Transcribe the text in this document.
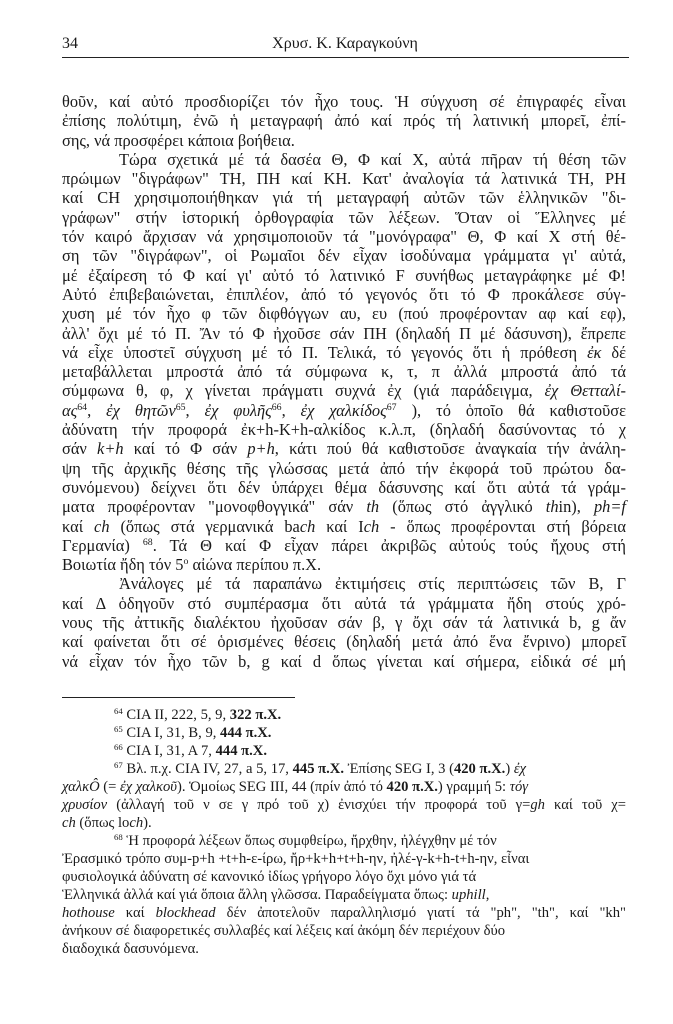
34	Χρυσ. Κ. Καραγκούνη
θοῦν, καί αὐτό προσδιορίζει τόν ἦχο τους. Ἡ σύγχυση σέ ἐπιγραφές εἶναι
ἐπίσης πολύτιμη, ἐνῶ ἡ μεταγραφή ἀπό καί πρός τή λατινική μπορεῖ, ἐπί-
σης, νά προσφέρει κάποια βοήθεια.
Τώρα σχετικά μέ τά δασέα Θ, Φ καί Χ, αὐτά πῆραν τή θέση τῶν
πρώιμων "διγράφων" ΤΗ, ΠΗ καί ΚΗ. Κατ' ἀναλογία τά λατινικά TH, PH
καί CH χρησιμοποιήθηκαν γιά τή μεταγραφή αὐτῶν τῶν ἑλληνικῶν "δι-
γράφων" στήν ἱστορική ὀρθογραφία τῶν λέξεων. Ὅταν οἱ Ἕλληνες μέ
τόν καιρό ἄρχισαν νά χρησιμοποιοῦν τά "μονόγραφα" Θ, Φ καί Χ στή θέ-
ση τῶν "διγράφων", οἱ Ρωμαῖοι δέν εἶχαν ἰσοδύναμα γράμματα γι' αὐτά,
μέ ἐξαίρεση τό Φ καί γι' αὐτό τό λατινικό F συνήθως μεταγράφηκε μέ Φ!
Αὐτό ἐπιβεβαιώνεται, ἐπιπλέον, ἀπό τό γεγονός ὅτι τό Φ προκάλεσε σύγ-
χυση μέ τόν ἦχο φ τῶν διφθόγγων αυ, ευ (πού προφέρονταν αφ καί εφ),
ἀλλ' ὄχι μέ τό Π. Ἄν τό Φ ἠχοῦσε σάν ΠΗ (δηλαδή Π μέ δάσυνση), ἔπρεπε
νά εἶχε ὑποστεῖ σύγχυση μέ τό Π. Τελικά, τό γεγονός ὅτι ἡ πρόθεση ἐκ δέ
μεταβάλλεται μπροστά ἀπό τά σύμφωνα κ, τ, π ἀλλά μπροστά ἀπό τά
σύμφωνα θ, φ, χ γίνεται πράγματι συχνά ἐχ (γιά παράδειγμα, ἐχ Θετταλί-
$\alpha\varsigma^{64}$, ἐχ θητῶν$^{65}$, ἐχ φυλῆς$^{66}$, ἐχ χαλκίδος$^{67}$ ), τό ὁποῖο θά καθιστοῦσε
ἀδύνατη τήν προφορά ἐκ+h-K+h-αλκίδος κ.λ.π, (δηλαδή δασύνοντας τό χ
σάν k+h καί τό Φ σάν p+h, κάτι πού θά καθιστοῦσε ἀναγκαία τήν ἀνάλη-
ψη τῆς ἀρχικῆς θέσης τῆς γλώσσας μετά ἀπό τήν ἐκφορά τοῦ πρώτου δα-
συνόμενου) δείχνει ὅτι δέν ὑπάρχει θέμα δάσυνσης καί ὅτι αὐτά τά γράμ-
ματα προφέρονταν "μονοφθογγικά" σάν th (ὅπως στό ἀγγλικό thin), ph=f
καί ch (ὅπως στά γερμανικά bach καί Ich - ὅπως προφέρονται στή βόρεια
Γερμανία) $^{68}$. Τά Θ καί Φ εἶχαν πάρει ἀκριβῶς αὐτούς τούς ἤχους στή
Βοιωτία ἤδη τόν $5^o$ αἰώνα περίπου π.Χ.
Ἀνάλογες μέ τά παραπάνω ἐκτιμήσεις στίς περιπτώσεις τῶν Β, Γ
καί Δ ὁδηγοῦν στό συμπέρασμα ὅτι αὐτά τά γράμματα ἤδη στούς χρό-
νους τῆς ἀττικῆς διαλέκτου ἠχοῦσαν σάν β, γ ὄχι σάν τά λατινικά b, g ἄν
καί φαίνεται ὅτι σέ ὁρισμένες θέσεις (δηλαδή μετά ἀπό ἕνα ἔνρινο) μπορεῖ
νά εἶχαν τόν ἦχο τῶν b, g καί d ὅπως γίνεται καί σήμερα, εἰδικά σέ μή
$^{64}$ CIA II, 222, 5, 9, 322 π.Χ.
$^{65}$ CIA I, 31, B, 9, 444 π.Χ.
$^{66}$ CIA I, 31, A 7, 444 π.Χ.
$^{67}$ Βλ. π.χ. CIA IV, 27, a 5, 17, 445 π.Χ. Ἐπίσης SEG I, 3 (420 π.Χ.) ἐχ
χαλκÔ (= ἐχ χαλκοῦ). Ὁμοίως SEG III, 44 (πρίν ἀπό τό 420 π.Χ.) γραμμή 5: τόγ
χρυσίον (ἀλλαγή τοῦ ν σε γ πρό τοῦ χ) ἐνισχύει τήν προφορά τοῦ γ=gh καί τοῦ χ=
ch (ὅπως loch).
$^{68}$ Ἡ προφορά λέξεων ὅπως συμφθείρω, ἤρχθην, ἠλέγχθην μέ τόν
Ἐρασμικό τρόπο συμ-p+h +t+h-ε-ίρω, ἤρ+k+h+t+h-ην, ἠλέ-γ-k+h-t+h-ην, εἶναι
φυσιολογικά ἀδύνατη σέ κανονικό ἰδίως γρήγορο λόγο ὄχι μόνο γιά τά
Ἑλληνικά ἀλλά καί γιά ὅποια ἄλλη γλῶσσα. Παραδείγματα ὅπως: uphill,
hothouse καί blockhead δέν ἀποτελοῦν παραλληλισμό γιατί τά "ph", "th", καί "kh"
ἀνήκουν σέ διαφορετικές συλλαβές καί λέξεις καί ἀκόμη δέν περιέχουν δύο
διαδοχικά δασυνόμενα.
